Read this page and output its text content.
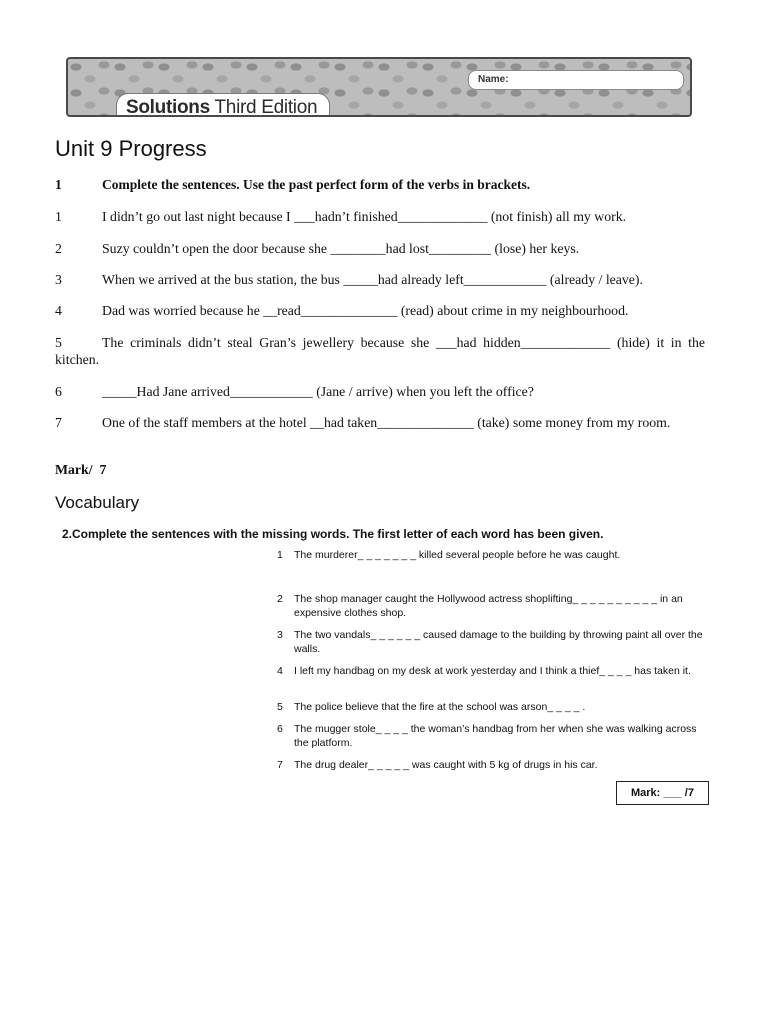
Name:
Solutions Third Edition
Unit 9 Progress
1	Complete the sentences. Use the past perfect form of the verbs in brackets.
1	I didn’t go out last night because I ___hadn’t finished_____________ (not finish) all my work.
2	Suzy couldn’t open the door because she ________had lost_________ (lose) her keys.
3	When we arrived at the bus station, the bus _____had already left____________ (already / leave).
4	Dad was worried because he __read______________ (read) about crime in my neighbourhood.
5	The criminals didn’t steal Gran’s jewellery because she ___had hidden_____________ (hide) it in the kitchen.
6	_____Had Jane arrived____________ (Jane / arrive) when you left the office?
7	One of the staff members at the hotel __had taken______________ (take) some money from my room.
Mark/ 7
Vocabulary
2.Complete the sentences with the missing words. The first letter of each word has been given.
1 The murderer_ _ _ _ _ _ _ killed several people before he was caught.
2 The shop manager caught the Hollywood actress shoplifting_ _ _ _ _ _ _ _ _ _ in an expensive clothes shop.
3 The two vandals_ _ _ _ _ _ caused damage to the building by throwing paint all over the walls.
4 I left my handbag on my desk at work yesterday and I think a thief_ _ _ _ has taken it.
5 The police believe that the fire at the school was arson_ _ _ _ .
6 The mugger stole_ _ _ _ the woman’s handbag from her when she was walking across the platform.
7 The drug dealer_ _ _ _ _ was caught with 5 kg of drugs in his car.
Mark: ___ /7
